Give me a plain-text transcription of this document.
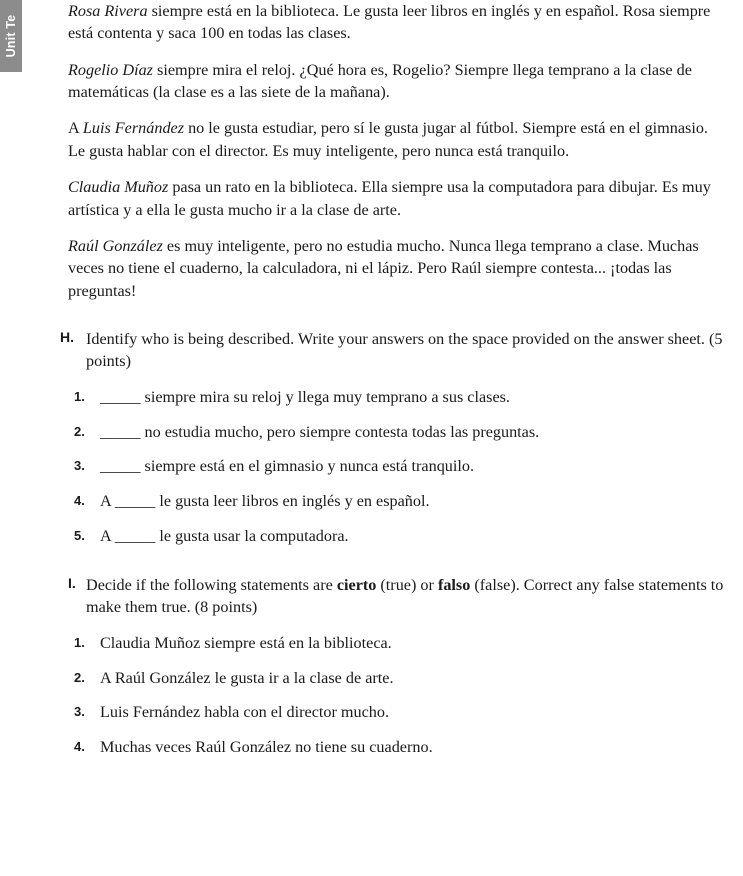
Unit Te

Rosa Rivera siempre está en la biblioteca. Le gusta leer libros en inglés y en español. Rosa siempre está contenta y saca 100 en todas las clases.

Rogelio Díaz siempre mira el reloj. ¿Qué hora es, Rogelio? Siempre llega temprano a la clase de matemáticas (la clase es a las siete de la mañana).

A Luis Fernández no le gusta estudiar, pero sí le gusta jugar al fútbol. Siempre está en el gimnasio. Le gusta hablar con el director. Es muy inteligente, pero nunca está tranquilo.

Claudia Muñoz pasa un rato en la biblioteca. Ella siempre usa la computadora para dibujar. Es muy artística y a ella le gusta mucho ir a la clase de arte.

Raúl González es muy inteligente, pero no estudia mucho. Nunca llega temprano a clase. Muchas veces no tiene el cuaderno, la calculadora, ni el lápiz. Pero Raúl siempre contesta... ¡todas las preguntas!

H. Identify who is being described. Write your answers on the space provided on the answer sheet. (5 points)
1. _____ siempre mira su reloj y llega muy temprano a sus clases.
2. _____ no estudia mucho, pero siempre contesta todas las preguntas.
3. _____ siempre está en el gimnasio y nunca está tranquilo.
4. A _____ le gusta leer libros en inglés y en español.
5. A _____ le gusta usar la computadora.
I. Decide if the following statements are cierto (true) or falso (false). Correct any false statements to make them true. (8 points)
1. Claudia Muñoz siempre está en la biblioteca.
2. A Raúl González le gusta ir a la clase de arte.
3. Luis Fernández habla con el director mucho.
4. Muchas veces Raúl González no tiene su cuaderno.
